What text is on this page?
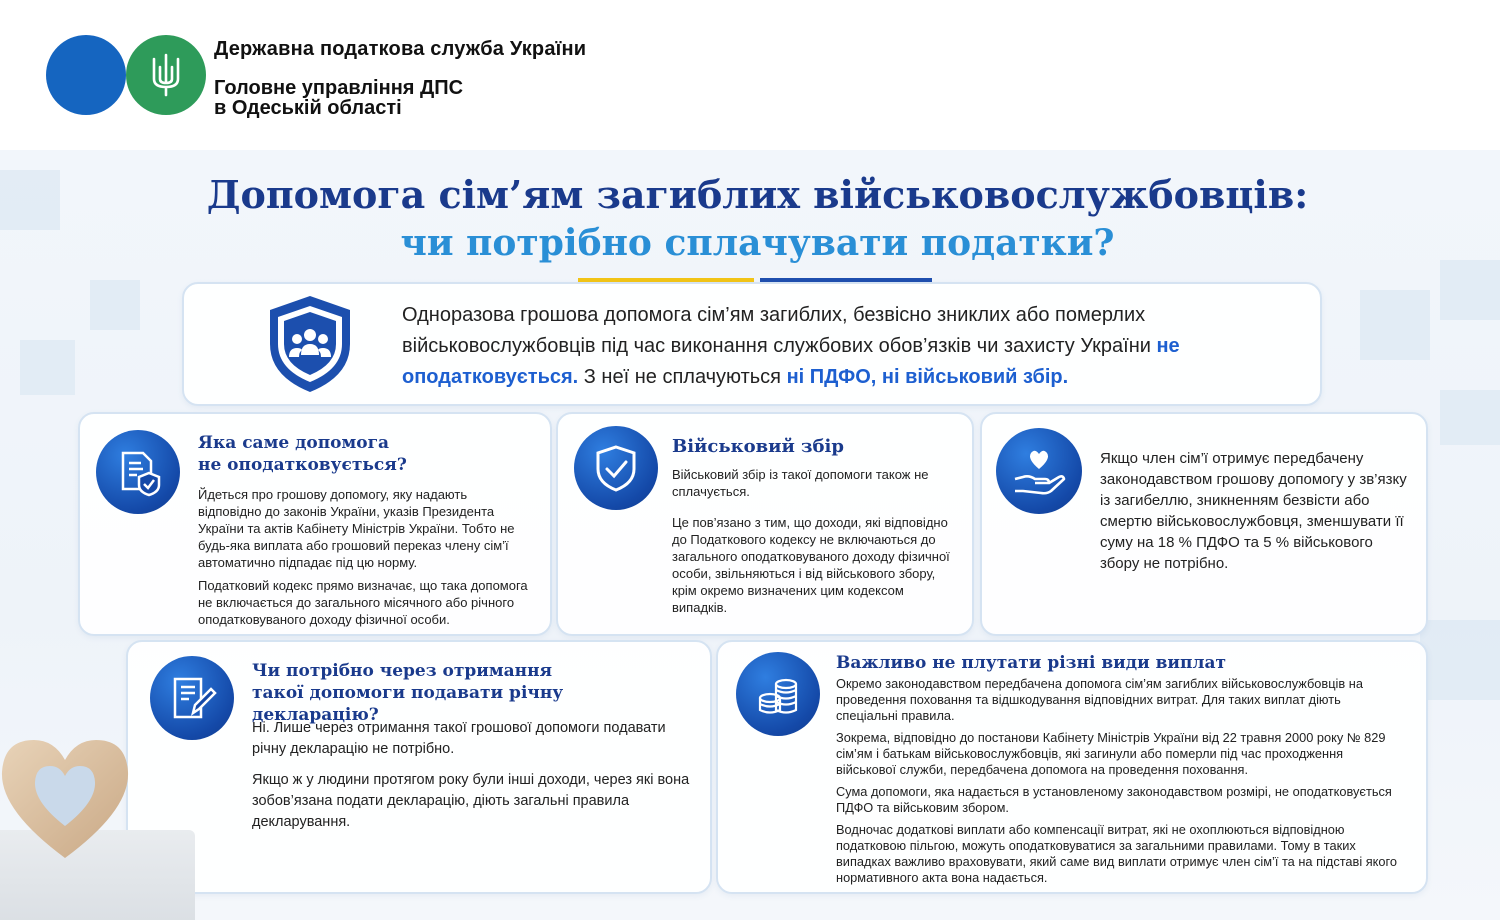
Державна податкова служба України
Головне управління ДПС
в Одеській області
Допомога сім’ям загиблих військовослужбовців:
чи потрібно сплачувати податки?
Одноразова грошова допомога сім’ям загиблих, безвісно зниклих або померлих військовослужбовців під час виконання службових обов’язків чи захисту України не оподатковується. З неї не сплачуються ні ПДФО, ні військовий збір.
Яка саме допомога
не оподатковується?

Йдеться про грошову допомогу, яку надають відповідно до законів України, указів Президента України та актів Кабінету Міністрів України. Тобто не будь-яка виплата або грошовий переказ члену сім’ї автоматично підпадає під цю норму.

Податковий кодекс прямо визначає, що така допомога не включається до загального місячного або річного оподатковуваного доходу фізичної особи.

Військовий збір

Військовий збір із такої допомоги також не сплачується.

Це пов’язано з тим, що доходи, які відповідно до Податкового кодексу не включаються до загального оподатковуваного доходу фізичної особи, звільняються і від військового збору, крім окремо визначених цим кодексом випадків.

Якщо член сім’ї отримує передбачену законодавством грошову допомогу у зв’язку із загибеллю, зникненням безвісти або смертю військовослужбовця, зменшувати її суму на 18 % ПДФО та 5 % військового збору не потрібно.
Чи потрібно через отримання
такої допомоги подавати річну декларацію?

Ні. Лише через отримання такої грошової допомоги подавати річну декларацію не потрібно.

Якщо ж у людини протягом року були інші доходи, через які вона зобов’язана подати декларацію, діють загальні правила декларування.

Важливо не плутати різні види виплат

Окремо законодавством передбачена допомога сім’ям загиблих військовослужбовців на проведення поховання та відшкодування відповідних витрат. Для таких виплат діють спеціальні правила.

Зокрема, відповідно до постанови Кабінету Міністрів України від 22 травня 2000 року № 829 сім’ям і батькам військовослужбовців, які загинули або померли під час проходження військової служби, передбачена допомога на проведення поховання.

Сума допомоги, яка надається в установленому законодавством розмірі, не оподатковується ПДФО та військовим збором.

Водночас додаткові виплати або компенсації витрат, які не охоплюються відповідною податковою пільгою, можуть оподатковуватися за загальними правилами. Тому в таких випадках важливо враховувати, який саме вид виплати отримує член сім’ї та на підставі якого нормативного акта вона надається.
